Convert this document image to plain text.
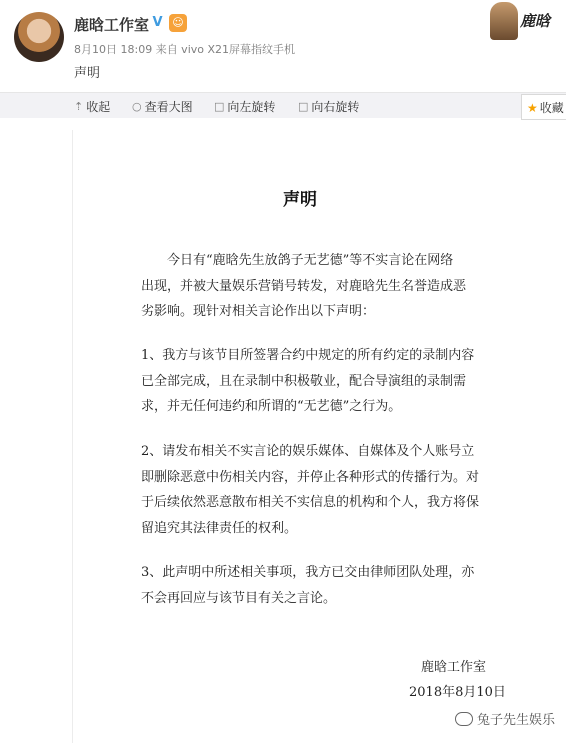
鹿晗工作室 V ☺
8月10日 18:09 来自 vivo X21屏幕指纹手机
声明
鹿晗
⇡ 收起 ○ 查看大图 □ 向左旋转 □ 向右旋转	★ 收藏
声明
今日有“鹿晗先生放鸽子无艺德”等不实言论在网络
出现，并被大量娱乐营销号转发，对鹿晗先生名誉造成恶
劣影响。现针对相关言论作出以下声明：
1、我方与该节目所签署合约中规定的所有约定的录制内容
已全部完成，且在录制中积极敬业，配合导演组的录制需
求，并无任何违约和所谓的“无艺德”之行为。
2、请发布相关不实言论的娱乐媒体、自媒体及个人账号立
即删除恶意中伤相关内容，并停止各种形式的传播行为。对
于后续依然恶意散布相关不实信息的机构和个人，我方将保
留追究其法律责任的权利。
3、此声明中所述相关事项，我方已交由律师团队处理，亦
不会再回应与该节目有关之言论。
鹿晗工作室
2018年8月10日
兔子先生娱乐
